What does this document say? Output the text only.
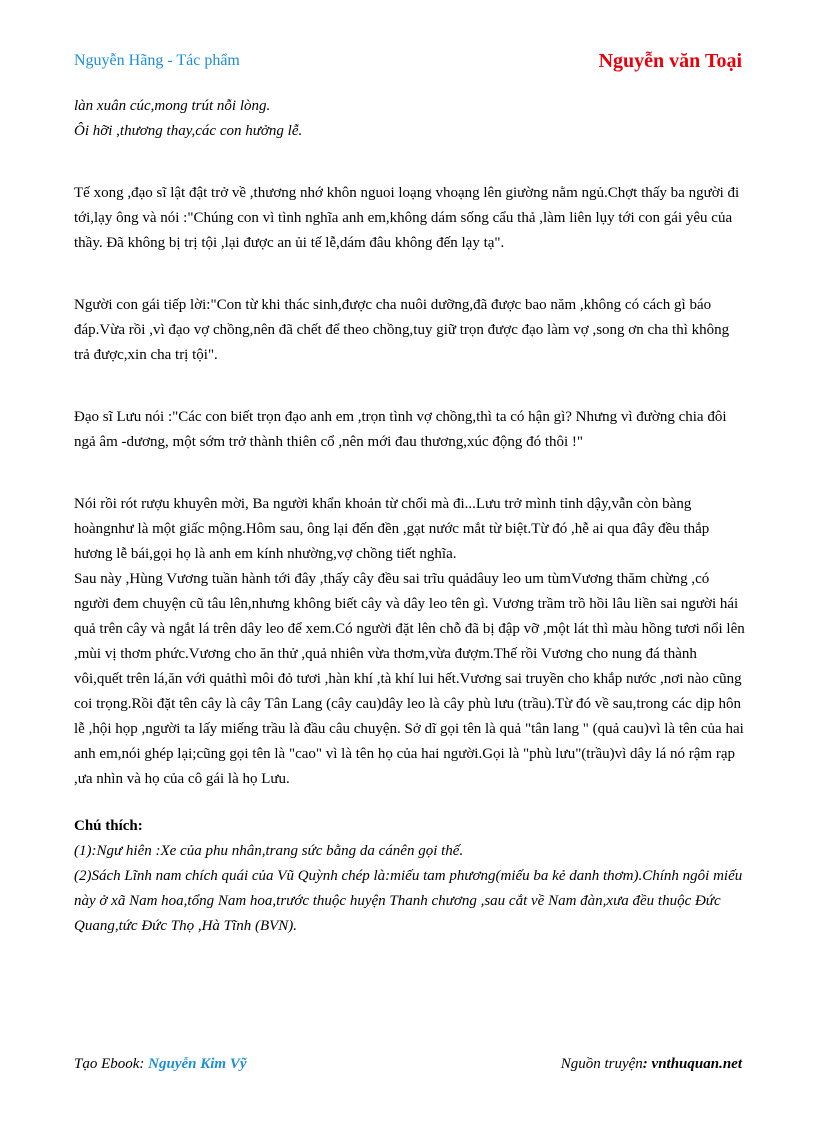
Nguyễn Hãng - Tác phẩm	Nguyễn văn Toại

làn xuân cúc,mong trút nỗi lòng.

Ôi hỡi ,thương thay,các con hưởng lễ.

Tế xong ,đạo sĩ lật đật trở về ,thương nhớ khôn nguoi loạng vhoạng lên giường nằm ngủ.Chợt thấy ba người đi tới,lạy ông và nói :"Chúng con vì tình nghĩa anh em,không dám sống cẩu thả ,làm liên lụy tới con gái yêu của thầy. Đã không bị trị tội ,lại được an ủi tế lễ,dám đâu không đến lạy tạ".

Người con gái tiếp lời:"Con từ khi thác sinh,được cha nuôi dưỡng,đã được bao năm ,không có cách gì báo đáp.Vừa rồi ,vì đạo vợ chồng,nên đã chết để theo chồng,tuy giữ trọn được đạo làm vợ ,song ơn cha thì không trả được,xin cha trị tội".

Đạo sĩ Lưu nói :"Các con biết trọn đạo anh em ,trọn tình vợ chồng,thì ta có hận gì? Nhưng vì đường chia đôi ngả âm -dương, một sớm trở thành thiên cổ ,nên mới đau thương,xúc động đó thôi !"

Nói rồi rót rượu khuyên mời, Ba người khẩn khoản từ chối mà đi...Lưu trở mình tỉnh dậy,vẫn còn bàng hoàngnhư là một giấc mộng.Hôm sau, ông lại đến đền ,gạt nước mắt từ biệt.Từ đó ,hễ ai qua đây đều thắp hương lễ bái,gọi họ là anh em kính nhường,vợ chồng tiết nghĩa.

Sau này ,Hùng Vương tuần hành tới đây ,thấy cây đều sai trĩu quảdâuy leo um tùmVương thăm chừng ,có người đem chuyện cũ tâu lên,nhưng không biết cây và dây leo tên gì. Vương trầm trồ hồi lâu liền sai người hái quả trên cây và ngắt lá trên dây leo để xem.Có người đặt lên chỗ đã bị đập vỡ ,một lát thì màu hồng tươi nổi lên ,mùi vị thơm phức.Vương cho ăn thử ,quả nhiên vừa thơm,vừa đượm.Thế rồi Vương cho nung đá thành vôi,quết trên lá,ăn với quảthì môi đỏ tươi ,hàn khí ,tà khí lui hết.Vương sai truyền cho khắp nước ,nơi nào cũng coi trọng.Rồi đặt tên cây là cây Tân Lang (cây cau)dây leo là cây phù lưu (trầu).Từ đó về sau,trong các dịp hôn lễ ,hội họp ,người ta lấy miếng trầu là đầu câu chuyện. Sở dĩ gọi tên là quả "tân lang " (quả cau)vì là tên của hai anh em,nói ghép lại;cũng gọi tên là "cao" vì là tên họ của hai người.Gọi là "phù lưu"(trầu)vì dây lá nó rậm rạp ,ưa nhìn và họ của cô gái là họ Lưu.

Chú thích:

(1):Ngư hiên :Xe của phu nhân,trang sức bằng da cánên gọi thế.

(2)Sách Lĩnh nam chích quái của Vũ Quỳnh chép là:miếu tam phương(miếu ba kẻ danh thơm).Chính ngôi miếu này ở xã Nam hoa,tổng Nam hoa,trước thuộc huyện Thanh chương ,sau cắt về Nam đàn,xưa đều thuộc Đức Quang,tức Đức Thọ ,Hà Tĩnh (BVN).

Tạo Ebook: Nguyễn Kim Vỹ	Nguồn truyện: vnthuquan.net
